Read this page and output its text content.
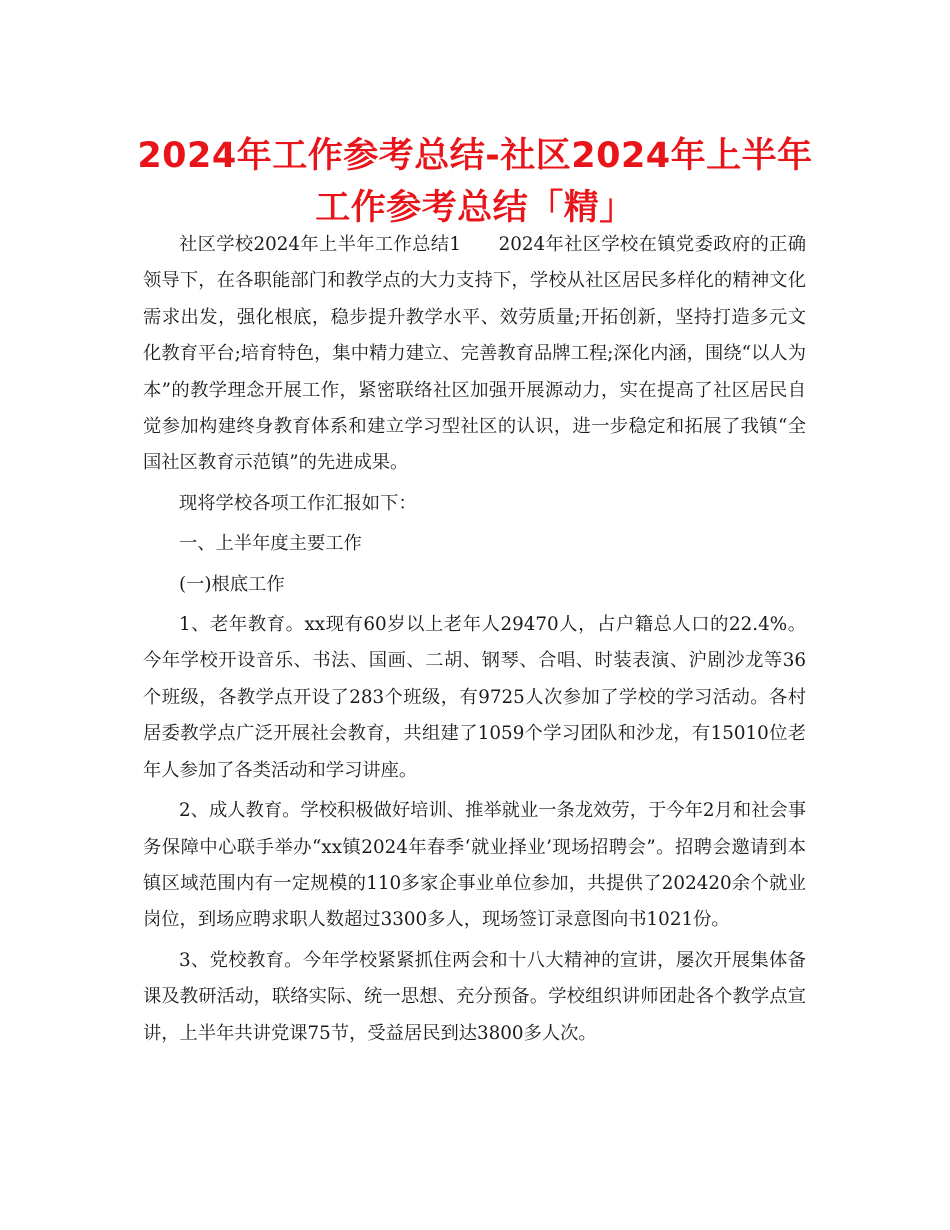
2024年工作参考总结-社区2024年上半年工作参考总结「精」

社区学校2024年上半年工作总结1　　2024年社区学校在镇党委政府的正确领导下，在各职能部门和教学点的大力支持下，学校从社区居民多样化的精神文化需求出发，强化根底，稳步提升教学水平、效劳质量;开拓创新，坚持打造多元文化教育平台;培育特色，集中精力建立、完善教育品牌工程;深化内涵，围绕“以人为本”的教学理念开展工作，紧密联络社区加强开展源动力，实在提高了社区居民自觉参加构建终身教育体系和建立学习型社区的认识，进一步稳定和拓展了我镇“全国社区教育示范镇”的先进成果。

现将学校各项工作汇报如下：

一、上半年度主要工作

(一)根底工作

1、老年教育。xx现有60岁以上老年人29470人，占户籍总人口的22.4%。今年学校开设音乐、书法、国画、二胡、钢琴、合唱、时装表演、沪剧沙龙等36个班级，各教学点开设了283个班级，有9725人次参加了学校的学习活动。各村居委教学点广泛开展社会教育，共组建了1059个学习团队和沙龙，有15010位老年人参加了各类活动和学习讲座。

2、成人教育。学校积极做好培训、推举就业一条龙效劳，于今年2月和社会事务保障中心联手举办“xx镇2024年春季‘就业择业’现场招聘会”。招聘会邀请到本镇区域范围内有一定规模的110多家企事业单位参加，共提供了202420余个就业岗位，到场应聘求职人数超过3300多人，现场签订录意图向书1021份。

3、党校教育。今年学校紧紧抓住两会和十八大精神的宣讲，屡次开展集体备课及教研活动，联络实际、统一思想、充分预备。学校组织讲师团赴各个教学点宣讲，上半年共讲党课75节，受益居民到达3800多人次。
